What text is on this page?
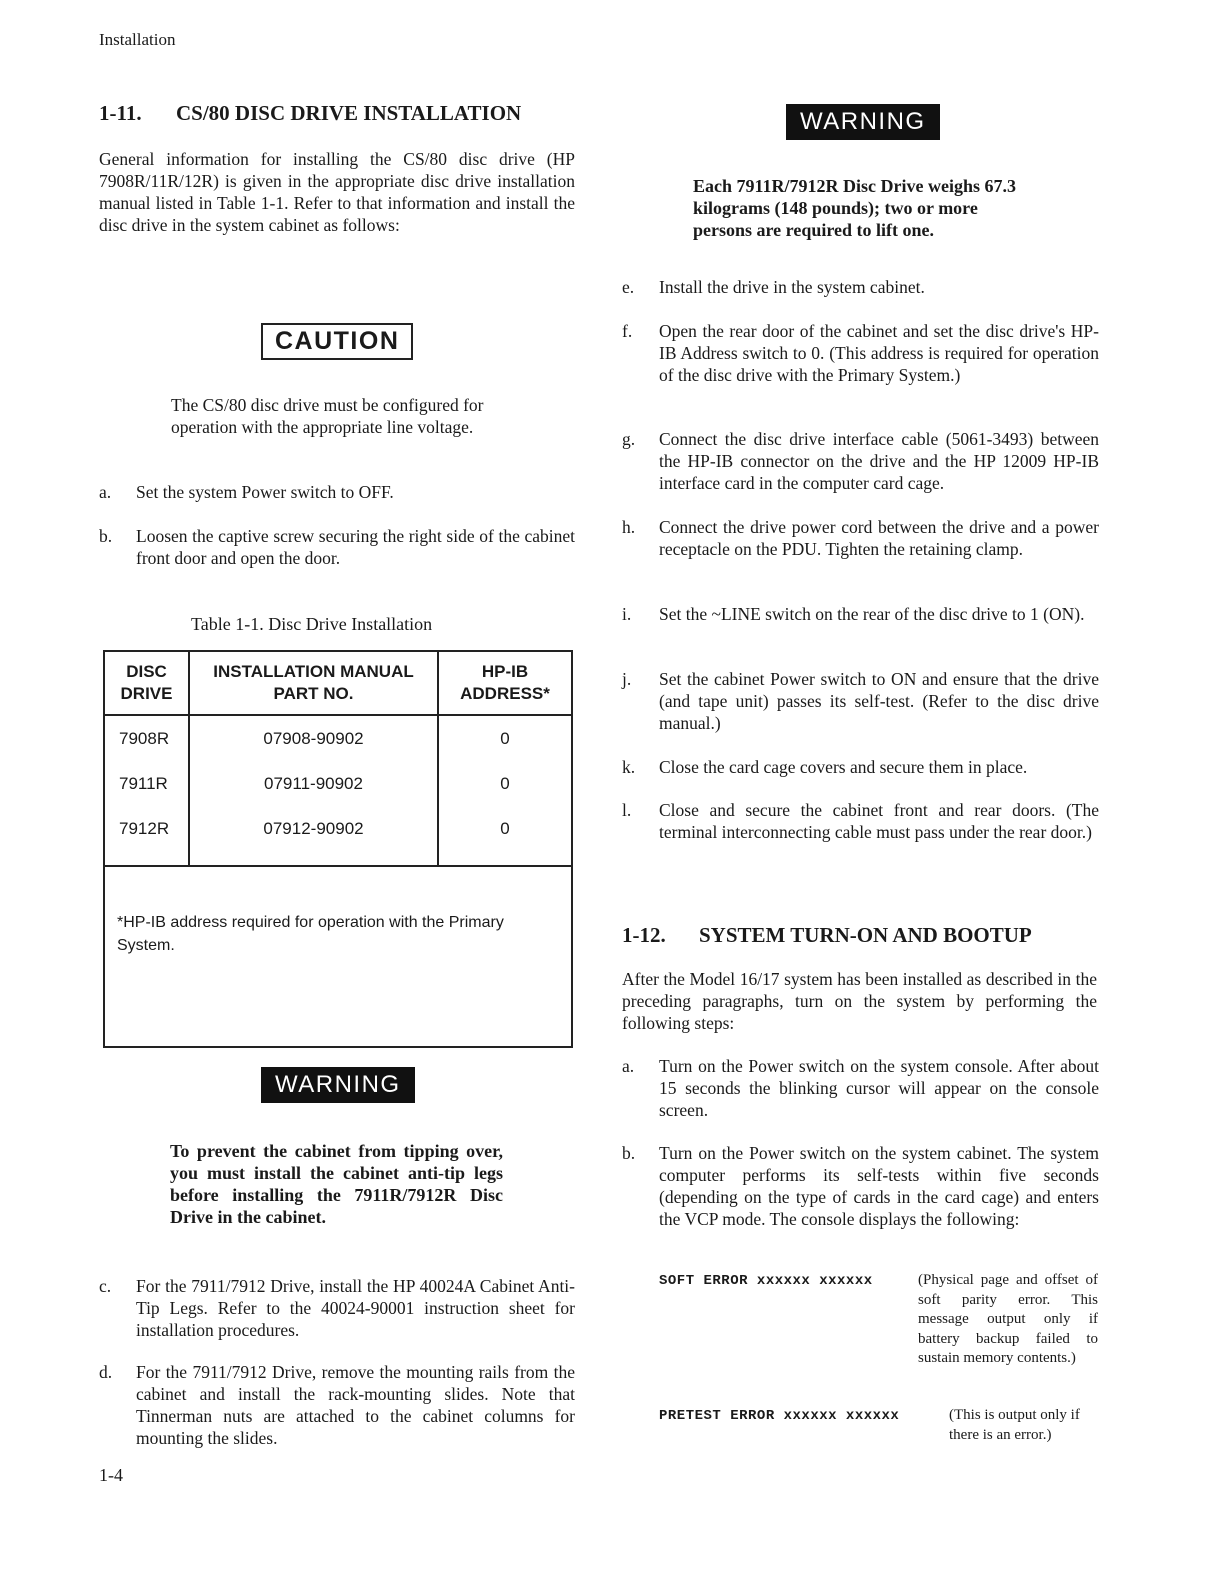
Installation
1-4
1-11. CS/80 DISC DRIVE INSTALLATION
General information for installing the CS/80 disc drive (HP 7908R/11R/12R) is given in the appropriate disc drive installation manual listed in Table 1-1. Refer to that information and install the disc drive in the system cabinet as follows:
CAUTION
The CS/80 disc drive must be configured for operation with the appropriate line voltage.
a. Set the system Power switch to OFF.
b. Loosen the captive screw securing the right side of the cabinet front door and open the door.
Table 1-1. Disc Drive Installation
DISC DRIVE	INSTALLATION MANUAL PART NO.	HP-IB ADDRESS*
7908R	07908-90902	0
7911R	07911-90902	0
7912R	07912-90902	0

*HP-IB address required for operation with the Primary System.		
WARNING
To prevent the cabinet from tipping over, you must install the cabinet anti-tip legs before installing the 7911R/7912R Disc Drive in the cabinet.
c. For the 7911/7912 Drive, install the HP 40024A Cabinet Anti-Tip Legs. Refer to the 40024-90001 instruction sheet for installation procedures.
d. For the 7911/7912 Drive, remove the mounting rails from the cabinet and install the rack-mounting slides. Note that Tinnerman nuts are attached to the cabinet columns for mounting the slides.
WARNING
Each 7911R/7912R Disc Drive weighs 67.3 kilograms (148 pounds); two or more persons are required to lift one.
e. Install the drive in the system cabinet.
f. Open the rear door of the cabinet and set the disc drive's HP-IB Address switch to 0. (This address is required for operation of the disc drive with the Primary System.)
g. Connect the disc drive interface cable (5061-3493) between the HP-IB connector on the drive and the HP 12009 HP-IB interface card in the computer card cage.
h. Connect the drive power cord between the drive and a power receptacle on the PDU. Tighten the retaining clamp.
i. Set the ~LINE switch on the rear of the disc drive to 1 (ON).
j. Set the cabinet Power switch to ON and ensure that the drive (and tape unit) passes its self-test. (Refer to the disc drive manual.)
k. Close the card cage covers and secure them in place.
l. Close and secure the cabinet front and rear doors. (The terminal interconnecting cable must pass under the rear door.)
1-12. SYSTEM TURN-ON AND BOOTUP
After the Model 16/17 system has been installed as described in the preceding paragraphs, turn on the system by performing the following steps:
a. Turn on the Power switch on the system console. After about 15 seconds the blinking cursor will appear on the console screen.
b. Turn on the Power switch on the system cabinet. The system computer performs its self-tests within five seconds (depending on the type of cards in the card cage) and enters the VCP mode. The console displays the following:
SOFT ERROR xxxxxx xxxxxx	(Physical page and offset of soft parity error. This message output only if battery backup failed to sustain memory contents.)
PRETEST ERROR xxxxxx xxxxxx	(This is output only if there is an error.)
